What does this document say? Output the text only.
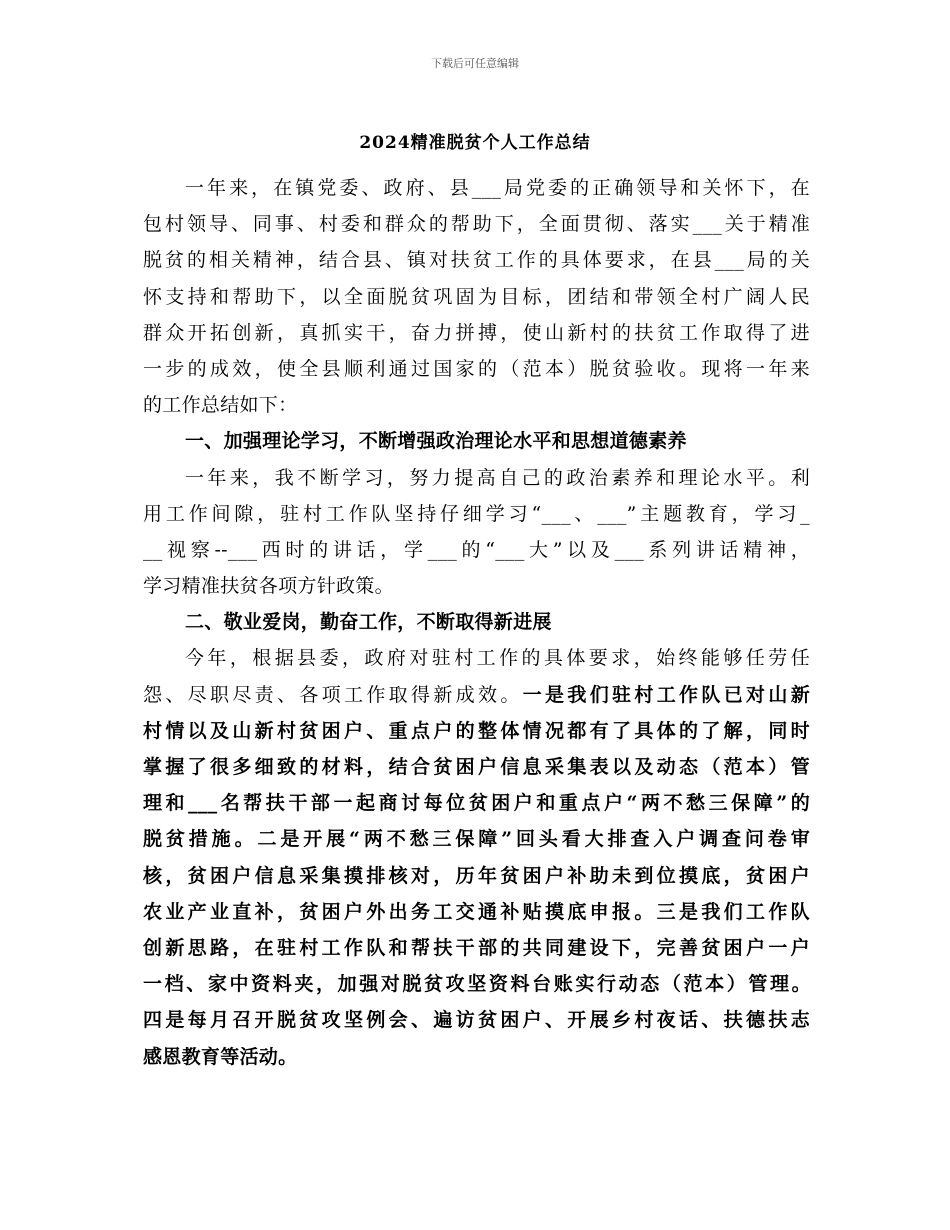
下载后可任意编辑
2024精准脱贫个人工作总结
一年来，在镇党委、政府、县___局党委的正确领导和关怀下，在
包村领导、同事、村委和群众的帮助下，全面贯彻、落实___关于精准
脱贫的相关精神，结合县、镇对扶贫工作的具体要求，在县___局的关
怀支持和帮助下，以全面脱贫巩固为目标，团结和带领全村广阔人民
群众开拓创新，真抓实干，奋力拼搏，使山新村的扶贫工作取得了进
一步的成效，使全县顺利通过国家的（范本）脱贫验收。现将一年来
的工作总结如下：
一、加强理论学习，不断增强政治理论水平和思想道德素养
一年来，我不断学习，努力提高自己的政治素养和理论水平。利
用工作间隙，驻村工作队坚持仔细学习“___、___”主题教育，学习_
__视察--___西时的讲话，学___的“___大”以及___系列讲话精神，
学习精准扶贫各项方针政策。
二、敬业爱岗，勤奋工作，不断取得新进展
今年，根据县委，政府对驻村工作的具体要求，始终能够任劳任
怨、尽职尽责、各项工作取得新成效。一是我们驻村工作队已对山新
村情以及山新村贫困户、重点户的整体情况都有了具体的了解，同时
掌握了很多细致的材料，结合贫困户信息采集表以及动态（范本）管
理和___名帮扶干部一起商讨每位贫困户和重点户“两不愁三保障”的
脱贫措施。二是开展“两不愁三保障”回头看大排查入户调查问卷审
核，贫困户信息采集摸排核对，历年贫困户补助未到位摸底，贫困户
农业产业直补，贫困户外出务工交通补贴摸底申报。三是我们工作队
创新思路，在驻村工作队和帮扶干部的共同建设下，完善贫困户一户
一档、家中资料夹，加强对脱贫攻坚资料台账实行动态（范本）管理。
四是每月召开脱贫攻坚例会、遍访贫困户、开展乡村夜话、扶德扶志
感恩教育等活动。
